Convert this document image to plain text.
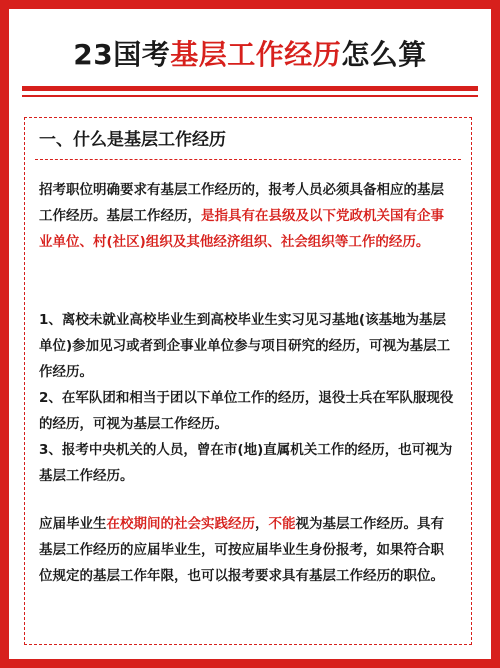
23国考 基层工作经历 怎么算
一、什么是基层工作经历
招考职位明确要求有基层工作经历的，报考人员必须具备相应的基层工作经历。基层工作经历，是指具有在县级及以下党政机关国有企事业单位、村(社区)组织及其他经济组织、社会组织等工作的经历。
1、离校未就业高校毕业生到高校毕业生实习见习基地(该基地为基层单位)参加见习或者到企事业单位参与项目研究的经历，可视为基层工作经历。
2、在军队团和相当于团以下单位工作的经历，退役士兵在军队服现役的经历，可视为基层工作经历。
3、报考中央机关的人员，曾在市(地)直属机关工作的经历，也可视为基层工作经历。
应届毕业生在校期间的社会实践经历，不能视为基层工作经历。具有基层工作经历的应届毕业生，可按应届毕业生身份报考，如果符合职位规定的基层工作年限，也可以报考要求具有基层工作经历的职位。
